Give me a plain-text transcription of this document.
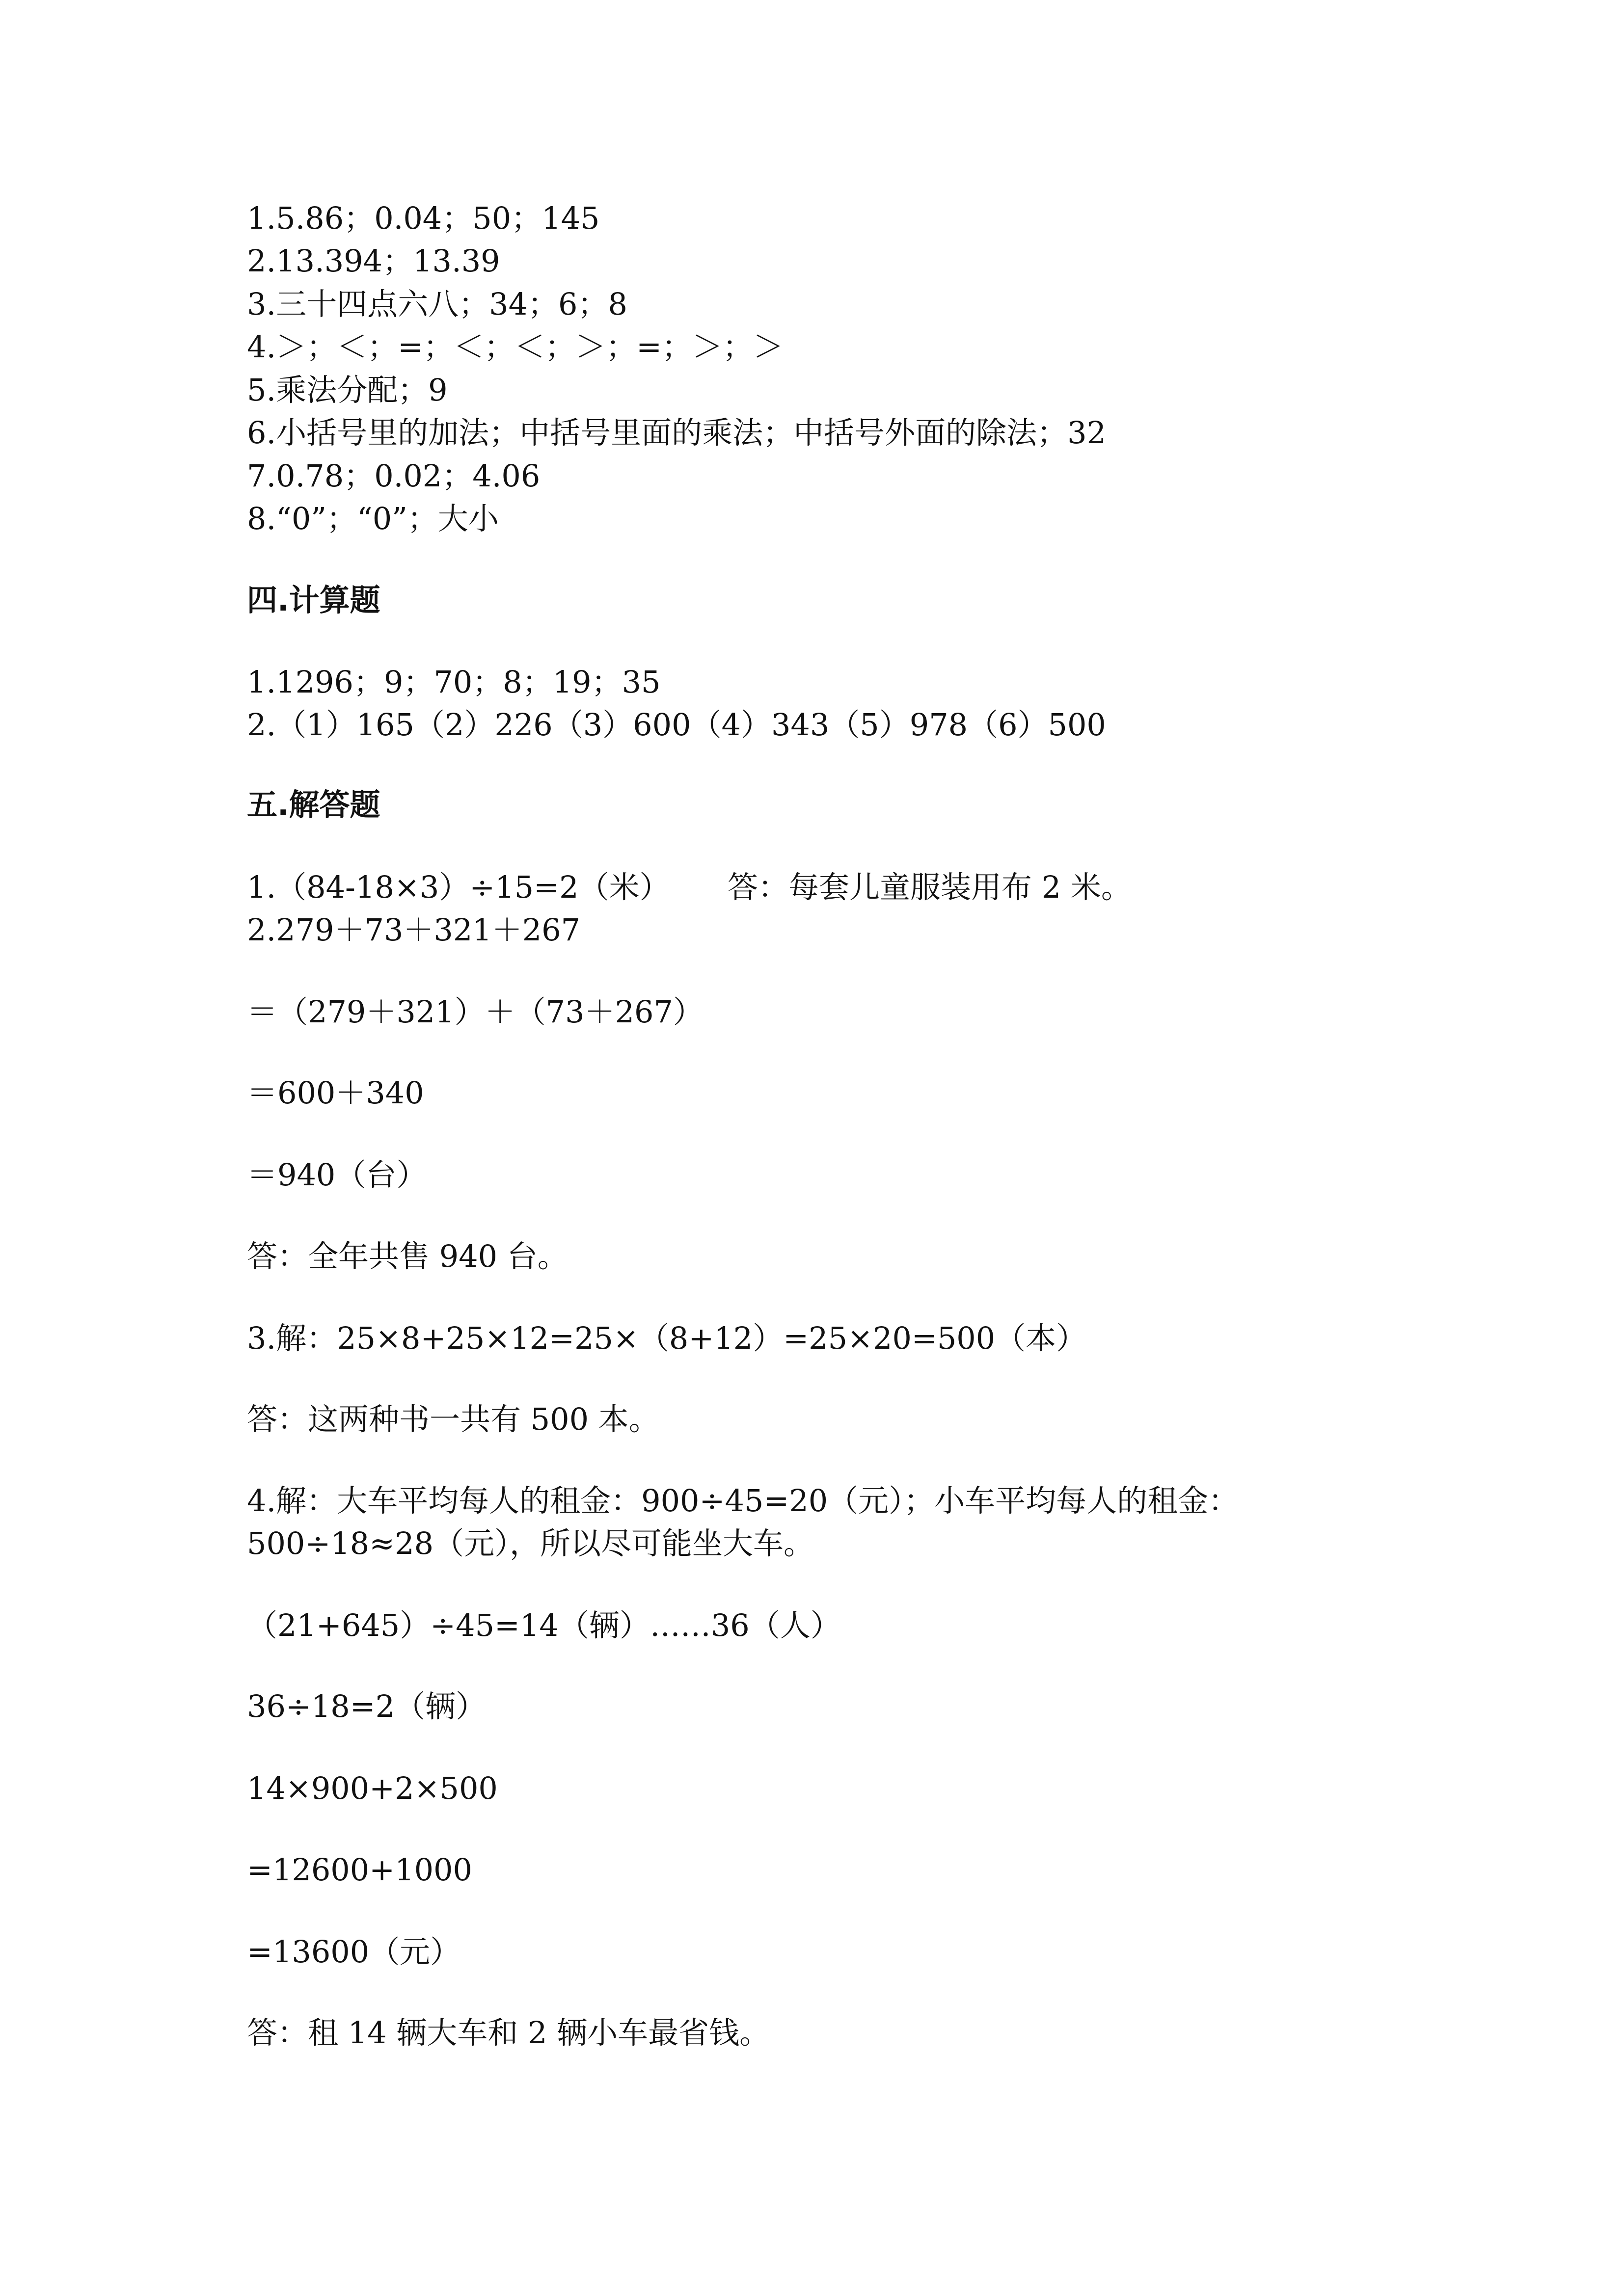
1.5.86；0.04；50；145

2.13.394；13.39

3.三十四点六八；34；6；8

4.＞；＜；=；＜；＜；＞；=；＞；＞

5.乘法分配；9

6.小括号里的加法；中括号里面的乘法；中括号外面的除法；32

7.0.78；0.02；4.06

8.“0”；“0”；大小

四.计算题

1.1296；9；70；8；19；35

2.（1）165（2）226（3）600（4）343（5）978（6）500

五.解答题

1.（84-18×3）÷15=2（米） 答：每套儿童服装用布 2 米。

2.279＋73＋321＋267

＝（279＋321）＋（73＋267）

＝600＋340

＝940（台）

答：全年共售 940 台。

3.解：25×8+25×12=25×（8+12）=25×20=500（本）

答：这两种书一共有 500 本。

4.解：大车平均每人的租金：900÷45=20（元）；小车平均每人的租金：

500÷18≈28（元），所以尽可能坐大车。

（21+645）÷45=14（辆）……36（人）

36÷18=2（辆）

14×900+2×500

=12600+1000

=13600（元）

答：租 14 辆大车和 2 辆小车最省钱。
